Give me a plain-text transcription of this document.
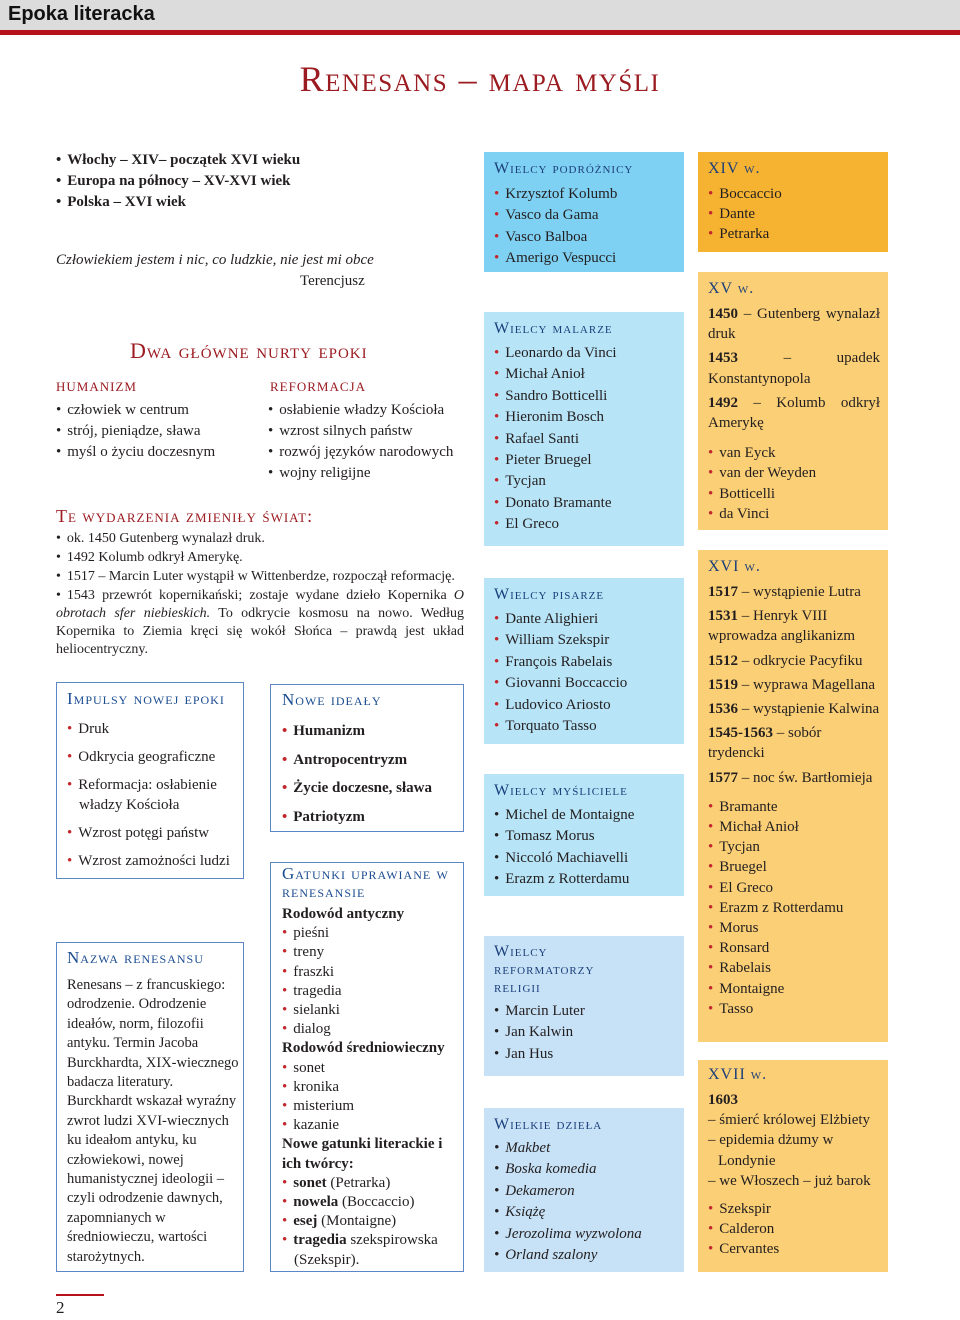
Epoka literacka
Renesans – mapa myśli
• Włochy – XIV– początek XVI wieku
• Europa na północy – XV-XVI wiek
• Polska – XVI wiek
Człowiekiem jestem i nic, co ludzkie, nie jest mi obce
Terencjusz
Dwa główne nurty epoki
humanizm	reformacja
• człowiek w centrum
• strój, pieniądze, sława
• myśl o życiu doczesnym
• osłabienie władzy Kościoła
• wzrost silnych państw
• rozwój języków narodowych
• wojny religijne
Te wydarzenia zmieniły świat:

• ok. 1450 Gutenberg wynalazł druk.

• 1492 Kolumb odkrył Amerykę.

• 1517 – Marcin Luter wystąpił w Wittenberdze, rozpoczął reformację.

• 1543 przewrót kopernikański; zostaje wydane dzieło Kopernika O obrotach sfer niebieskich. To odkrycie kosmosu na nowo. Według Kopernika to Ziemia kręci się wokół Słońca – prawdą jest układ heliocentryczny.

Impulsy nowej epoki
• Druk
• Odkrycia geograficzne
• Reformacja: osłabienie władzy Kościoła
• Wzrost potęgi państw
• Wzrost zamożności ludzi
Nowe ideały
• Humanizm
• Antropocentryzm
• Życie doczesne, sława
• Patriotyzm
Nazwa renesansu
Renesans – z francuskiego: odrodzenie. Odrodzenie ideałów, norm, filozofii antyku. Termin Jacoba Burckhardta, XIX-wiecznego badacza literatury. Burckhardt wskazał wyraźny zwrot ludzi XVI-wiecznych ku ideałom antyku, ku człowiekowi, nowej humanistycznej ideologii – czyli odrodzenie dawnych, zapomnianych w średniowieczu, wartości starożytnych.
Gatunki uprawiane w renesansie
Rodowód antyczny
• pieśni
• treny
• fraszki
• tragedia
• sielanki
• dialog
Rodowód średniowieczny
• sonet
• kronika
• misterium
• kazanie
Nowe gatunki literackie i ich twórcy:
• sonet (Petrarka)
• nowela (Boccaccio)
• esej (Montaigne)
• tragedia szekspirowska (Szekspir).
Wielcy podróżnicy
• Krzysztof Kolumb
• Vasco da Gama
• Vasco Balboa
• Amerigo Vespucci
Wielcy malarze
• Leonardo da Vinci
• Michał Anioł
• Sandro Botticelli
• Hieronim Bosch
• Rafael Santi
• Pieter Bruegel
• Tycjan
• Donato Bramante
• El Greco
Wielcy pisarze
• Dante Alighieri
• William Szekspir
• François Rabelais
• Giovanni Boccaccio
• Ludovico Ariosto
• Torquato Tasso
Wielcy myśliciele
• Michel de Montaigne
• Tomasz Morus
• Niccoló Machiavelli
• Erazm z Rotterdamu
Wielcy
reformatorzy
religii
• Marcin Luter
• Jan Kalwin
• Jan Hus
Wielkie dzieła
• Makbet
• Boska komedia
• Dekameron
• Książę
• Jerozolima wyzwolona
• Orland szalony
XIV w.
• Boccaccio
• Dante
• Petrarka
XV w.
1450 – Gutenberg wynalazł druk
1453 – upadek Konstantynopola
1492 – Kolumb odkrył Amerykę
• van Eyck
• van der Weyden
• Botticelli
• da Vinci
XVI w.
1517 – wystąpienie Lutra
1531 – Henryk VIII wprowadza anglikanizm
1512 – odkrycie Pacyfiku
1519 – wyprawa Magellana
1536 – wystąpienie Kalwina
1545-1563 – sobór trydencki
1577 – noc św. Bartłomieja
• Bramante
• Michał Anioł
• Tycjan
• Bruegel
• El Greco
• Erazm z Rotterdamu
• Morus
• Ronsard
• Rabelais
• Montaigne
• Tasso
XVII w.
1603
– śmierć królowej Elżbiety
– epidemia dżumy w Londynie
– we Włoszech – już barok
• Szekspir
• Calderon
• Cervantes
2
